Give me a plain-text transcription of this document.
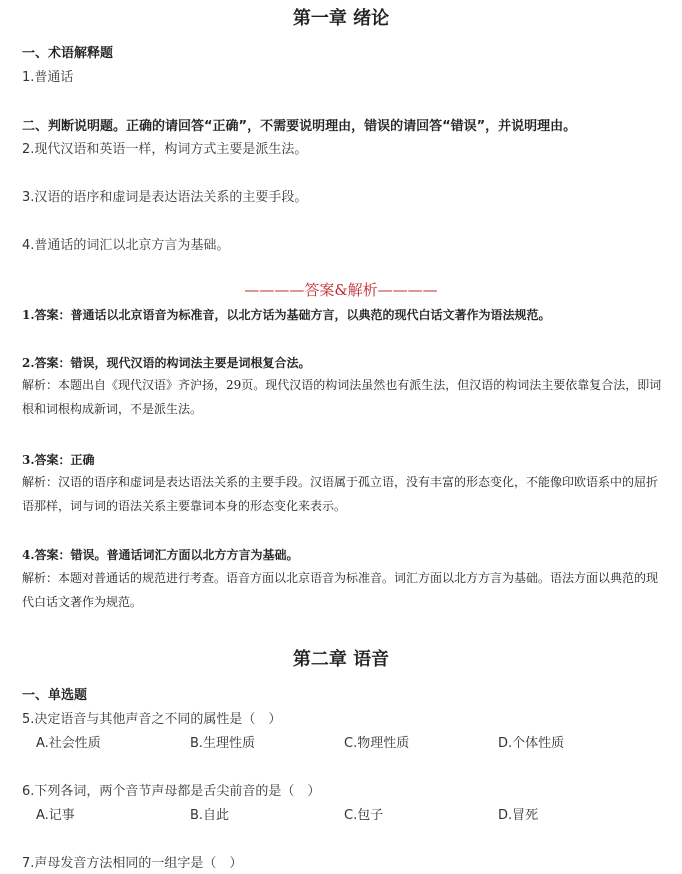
第一章 绪论
一、术语解释题
1.普通话
二、判断说明题。正确的请回答“正确”，不需要说明理由，错误的请回答“错误”，并说明理由。
2.现代汉语和英语一样，构词方式主要是派生法。
3.汉语的语序和虚词是表达语法关系的主要手段。
4.普通话的词汇以北京方言为基础。
————答案&解析————
1.答案：普通话以北京语音为标准音，以北方话为基础方言，以典范的现代白话文著作为语法规范。
2.答案：错误，现代汉语的构词法主要是词根复合法。
解析：本题出自《现代汉语》齐沪扬，29页。现代汉语的构词法虽然也有派生法，但汉语的构词法主要依靠复合法，即词根和词根构成新词，不是派生法。
3.答案：正确
解析：汉语的语序和虚词是表达语法关系的主要手段。汉语属于孤立语，没有丰富的形态变化，不能像印欧语系中的屈折语那样，词与词的语法关系主要靠词本身的形态变化来表示。
4.答案：错误。普通话词汇方面以北方方言为基础。
解析：本题对普通话的规范进行考查。语音方面以北京语音为标准音。词汇方面以北方方言为基础。语法方面以典范的现代白话文著作为规范。
第二章 语音
一、单选题
5.决定语音与其他声音之不同的属性是（　）
A.社会性质	B.生理性质	C.物理性质	D.个体性质
6.下列各词，两个音节声母都是舌尖前音的是（　）
A.记事	B.自此	C.包子	D.冒死
7.声母发音方法相同的一组字是（　）
